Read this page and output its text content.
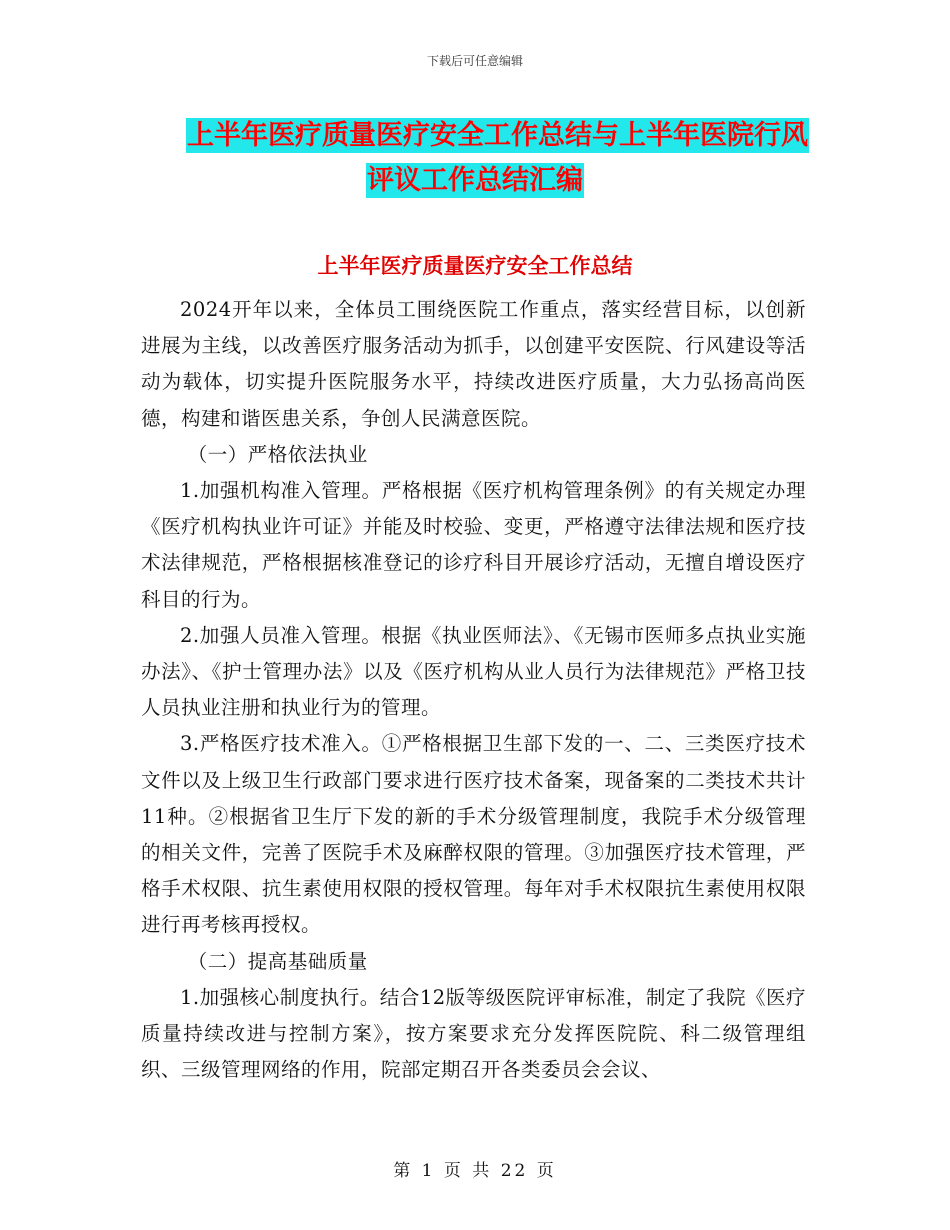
下载后可任意编辑
上半年医疗质量医疗安全工作总结与上半年医院行风
评议工作总结汇编
上半年医疗质量医疗安全工作总结

2024开年以来，全体员工围绕医院工作重点，落实经营目标，以创新进展为主线，以改善医疗服务活动为抓手，以创建平安医院、行风建设等活动为载体，切实提升医院服务水平，持续改进医疗质量，大力弘扬高尚医德，构建和谐医患关系，争创人民满意医院。

（一）严格依法执业

1.加强机构准入管理。严格根据《医疗机构管理条例》的有关规定办理《医疗机构执业许可证》并能及时校验、变更，严格遵守法律法规和医疗技术法律规范，严格根据核准登记的诊疗科目开展诊疗活动，无擅自增设医疗科目的行为。

2.加强人员准入管理。根据《执业医师法》、《无锡市医师多点执业实施办法》、《护士管理办法》以及《医疗机构从业人员行为法律规范》严格卫技人员执业注册和执业行为的管理。

3.严格医疗技术准入。①严格根据卫生部下发的一、二、三类医疗技术文件以及上级卫生行政部门要求进行医疗技术备案，现备案的二类技术共计11种。②根据省卫生厅下发的新的手术分级管理制度，我院手术分级管理的相关文件，完善了医院手术及麻醉权限的管理。③加强医疗技术管理，严格手术权限、抗生素使用权限的授权管理。每年对手术权限抗生素使用权限进行再考核再授权。

（二）提高基础质量

1.加强核心制度执行。结合12版等级医院评审标准，制定了我院《医疗质量持续改进与控制方案》，按方案要求充分发挥医院院、科二级管理组织、三级管理网络的作用，院部定期召开各类委员会会议、

第 1 页 共 22 页
